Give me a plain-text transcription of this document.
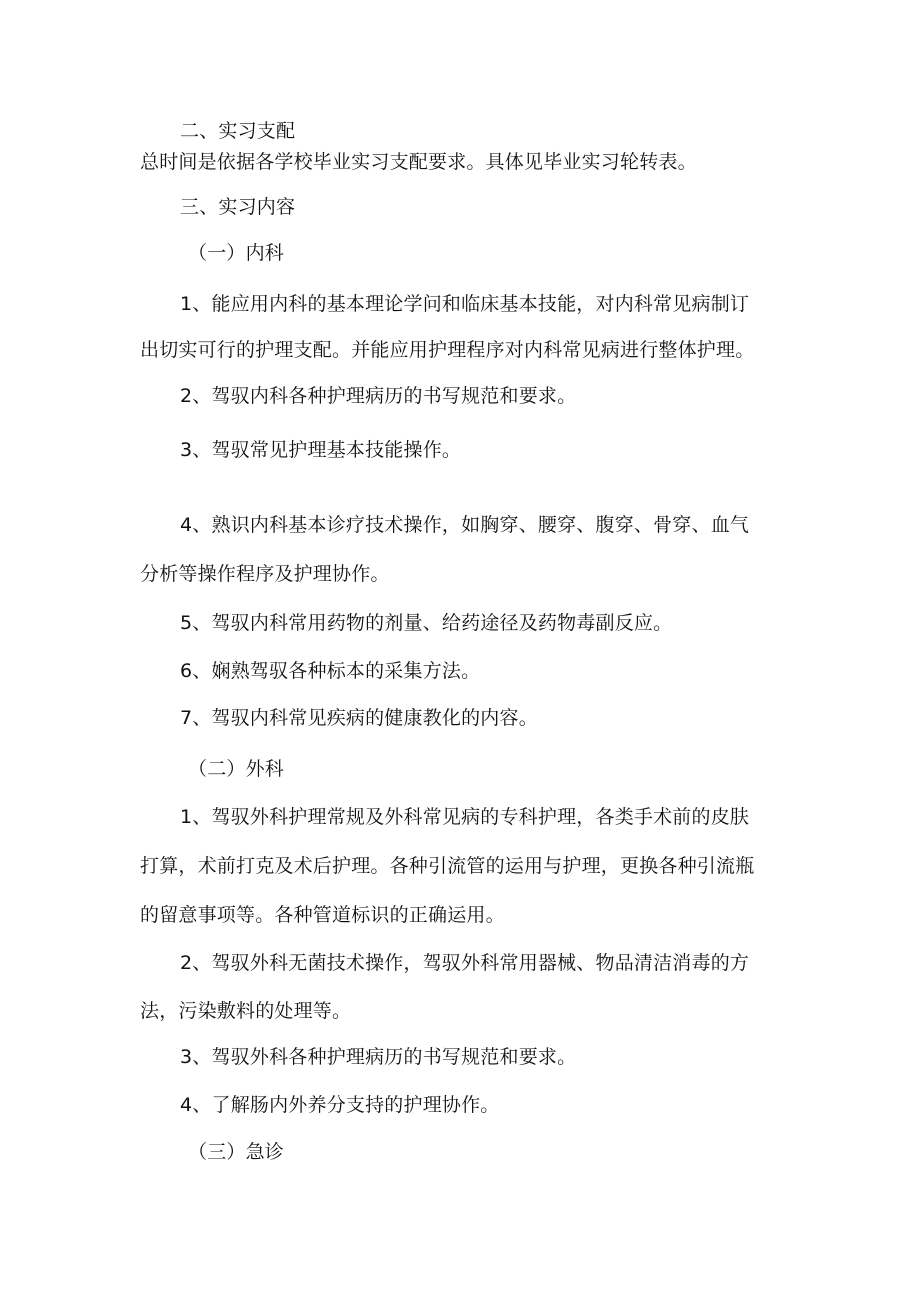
二、实习支配
总时间是依据各学校毕业实习支配要求。具体见毕业实习轮转表。
三、实习内容
（一）内科
1、能应用内科的基本理论学问和临床基本技能，对内科常见病制订
出切实可行的护理支配。并能应用护理程序对内科常见病进行整体护理。
2、驾驭内科各种护理病历的书写规范和要求。
3、驾驭常见护理基本技能操作。
4、熟识内科基本诊疗技术操作，如胸穿、腰穿、腹穿、骨穿、血气
分析等操作程序及护理协作。
5、驾驭内科常用药物的剂量、给药途径及药物毒副反应。
6、娴熟驾驭各种标本的采集方法。
7、驾驭内科常见疾病的健康教化的内容。
（二）外科
1、驾驭外科护理常规及外科常见病的专科护理，各类手术前的皮肤
打算，术前打克及术后护理。各种引流管的运用与护理，更换各种引流瓶
的留意事项等。各种管道标识的正确运用。
2、驾驭外科无菌技术操作，驾驭外科常用器械、物品清洁消毒的方
法，污染敷料的处理等。
3、驾驭外科各种护理病历的书写规范和要求。
4、了解肠内外养分支持的护理协作。
（三）急诊
